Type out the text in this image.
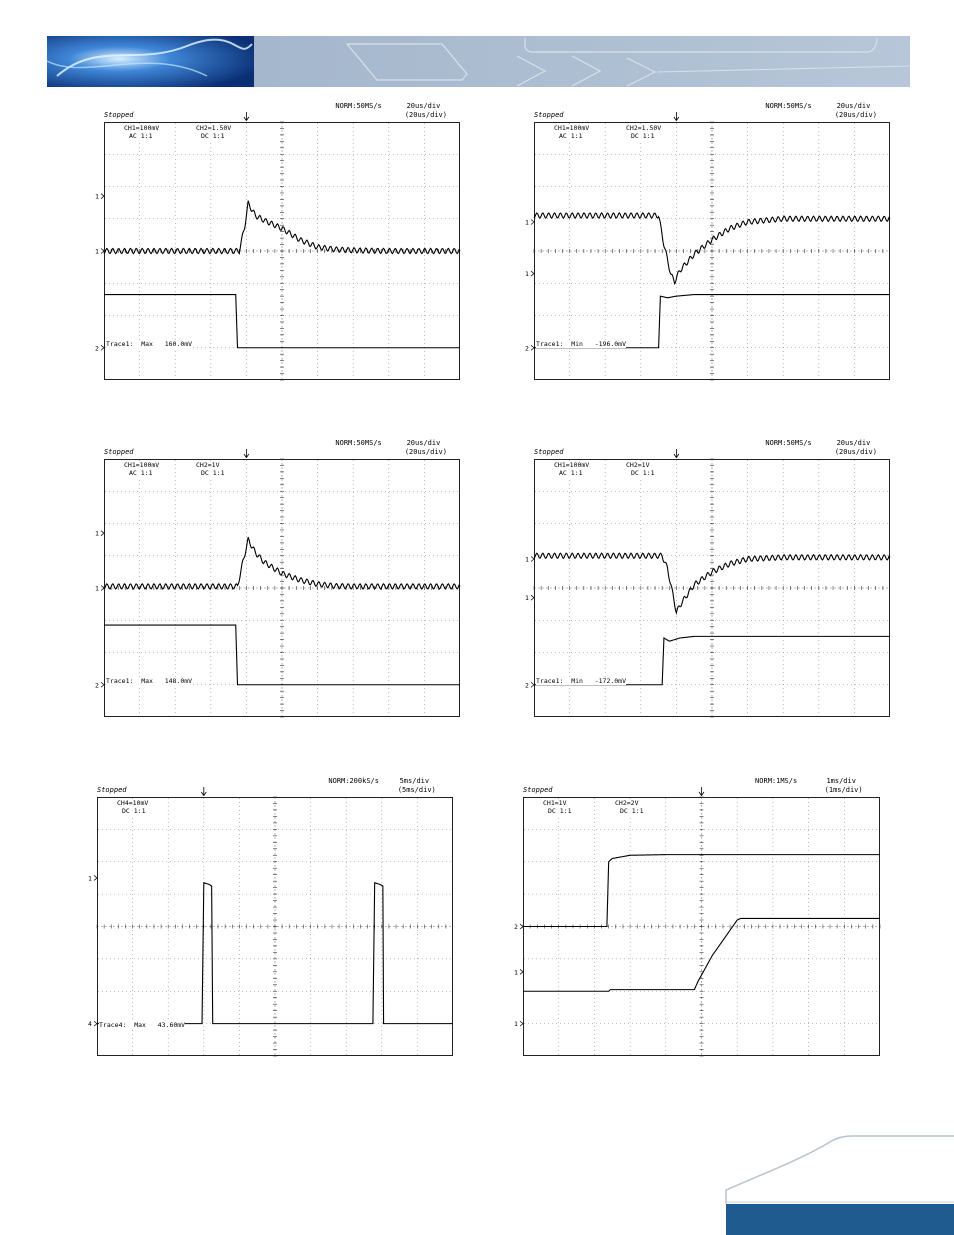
Stopped
NORM:50MS/s	20us/div
(20us/div)
1
1
2
CH1=100mV
AC 1:1
CH2=1.50V
DC 1:1
Trace1:  Max   160.0mV
Stopped
NORM:50MS/s	20us/div
(20us/div)
1
1
2
CH1=100mV
AC 1:1
CH2=1.50V
DC 1:1
Trace1:  Min   -196.0mV
Stopped
NORM:50MS/s	20us/div
(20us/div)
1
1
2
CH1=100mV
AC 1:1
CH2=1V
DC 1:1
Trace1:  Max   148.0mV
Stopped
NORM:50MS/s	20us/div
(20us/div)
1
1
2
CH1=100mV
AC 1:1
CH2=1V
DC 1:1
Trace1:  Min   -172.0mV
Stopped
NORM:200kS/s	5ms/div
(5ms/div)
1
4
CH4=10mV
DC 1:1
Trace4:  Max   43.60mV
Stopped
NORM:1MS/s	1ms/div
(1ms/div)
2
1
1
CH1=1V
DC 1:1
CH2=2V
DC 1:1
